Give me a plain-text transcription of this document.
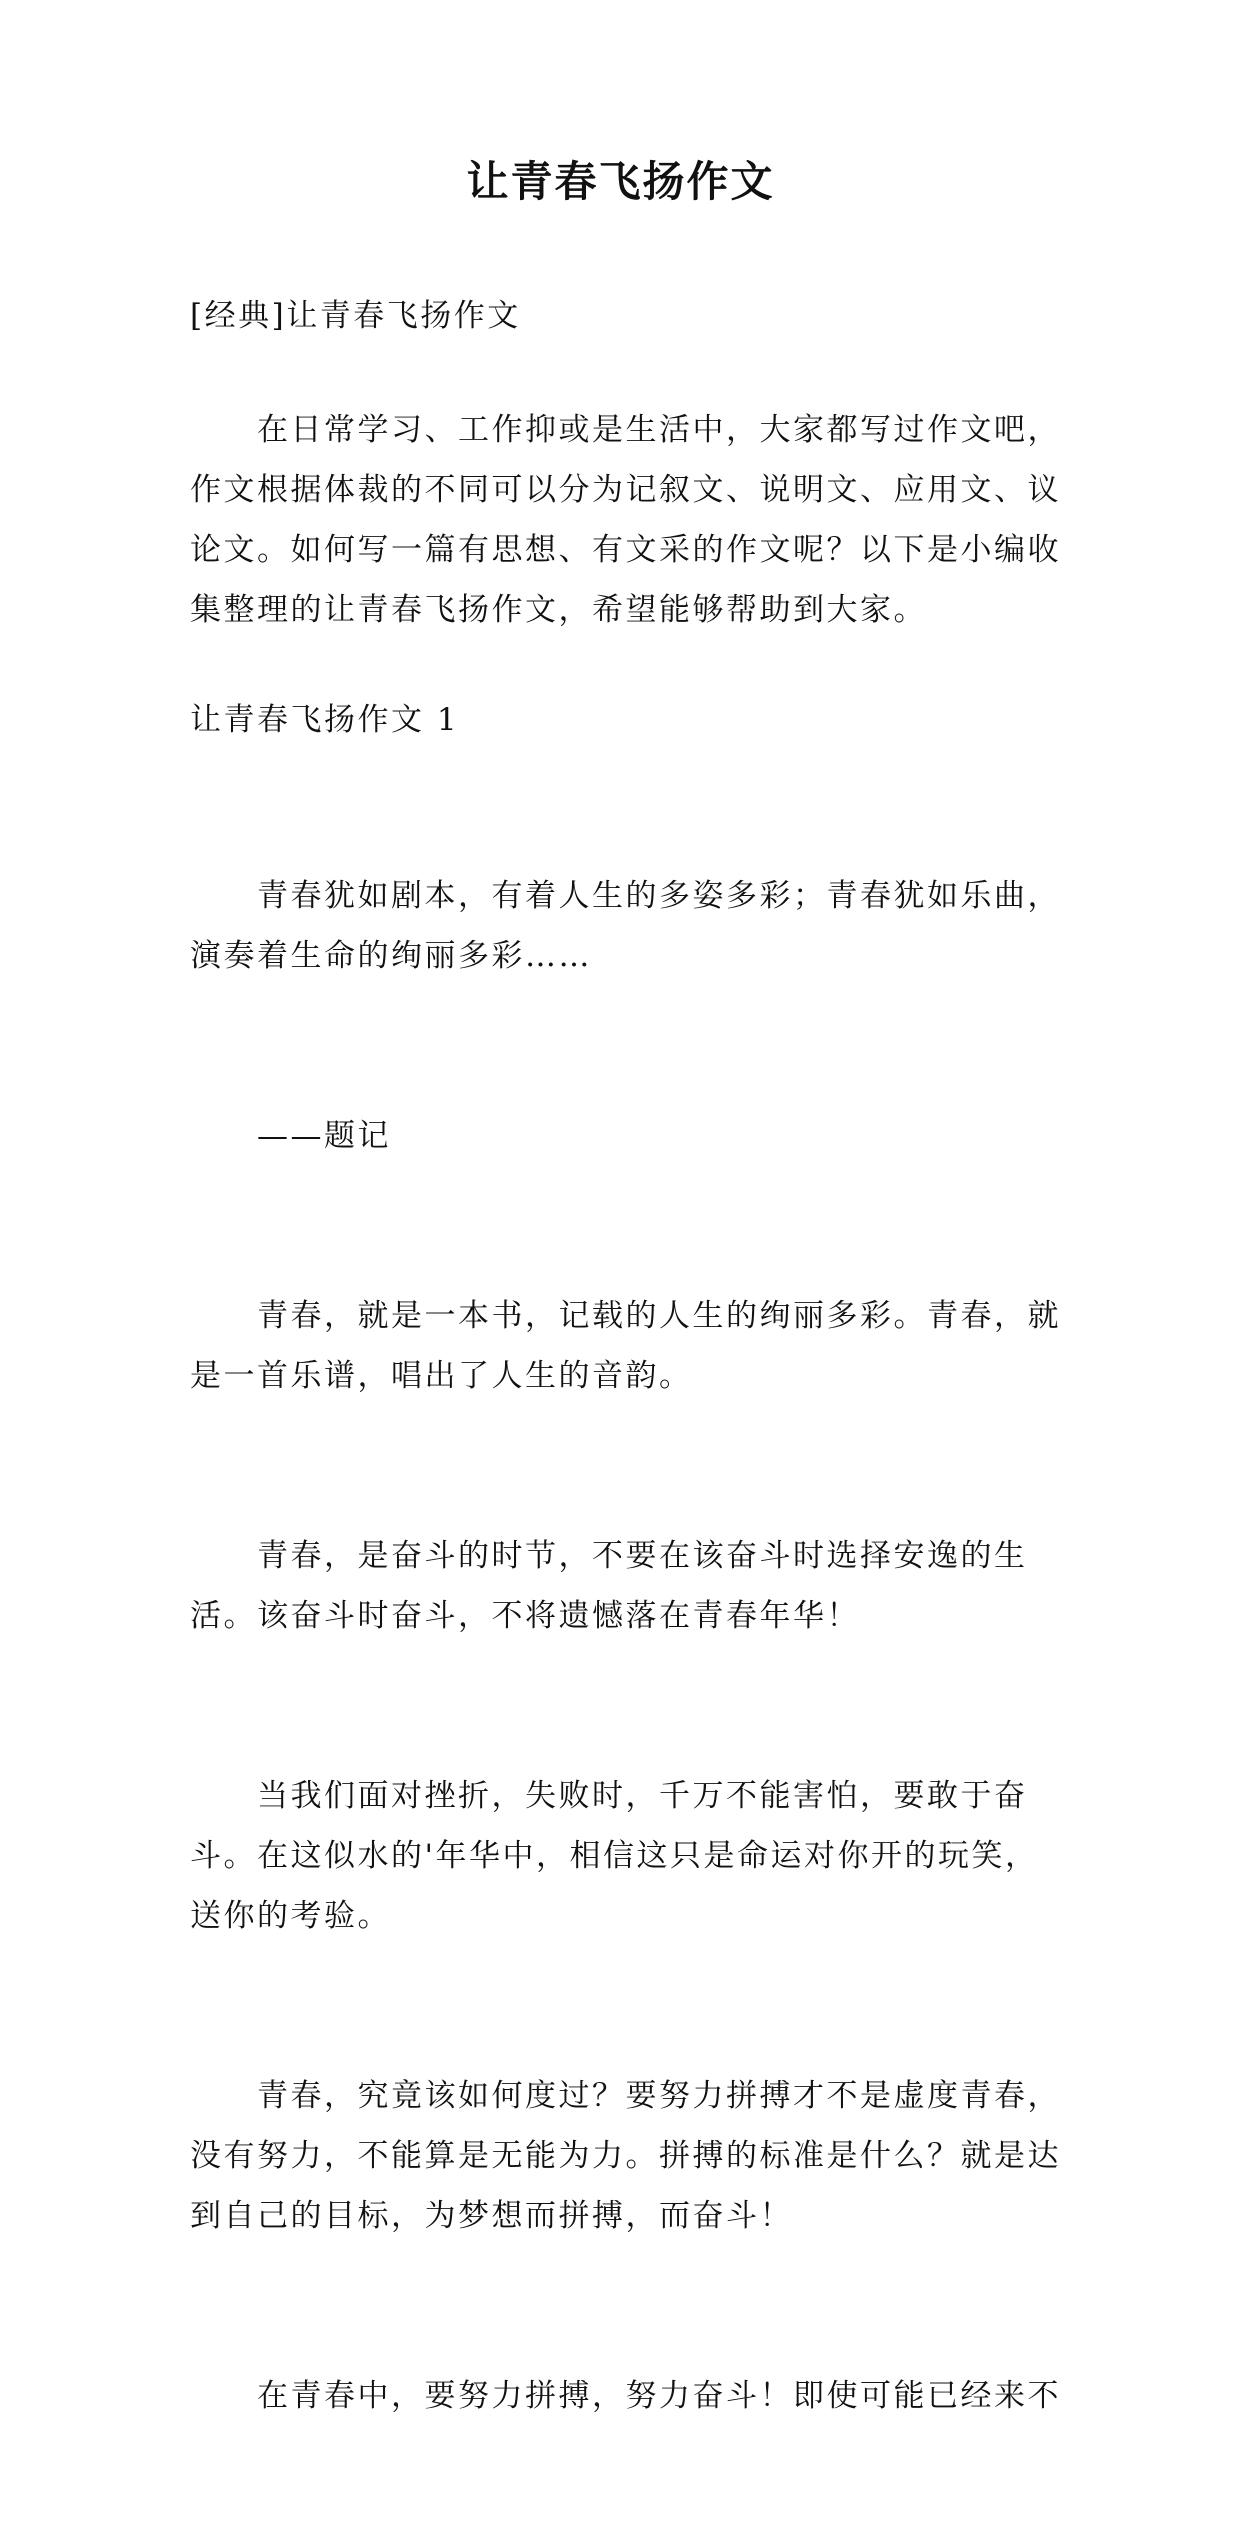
让青春飞扬作文

[经典]让青春飞扬作文

　　在日常学习、工作抑或是生活中，大家都写过作文吧，作文根据体裁的不同可以分为记叙文、说明文、应用文、议论文。如何写一篇有思想、有文采的作文呢？以下是小编收集整理的让青春飞扬作文，希望能够帮助到大家。

让青春飞扬作文 1

　　青春犹如剧本，有着人生的多姿多彩；青春犹如乐曲，演奏着生命的绚丽多彩……

　　——题记

　　青春，就是一本书，记载的人生的绚丽多彩。青春，就是一首乐谱，唱出了人生的音韵。

　　青春，是奋斗的时节，不要在该奋斗时选择安逸的生活。该奋斗时奋斗，不将遗憾落在青春年华！

　　当我们面对挫折，失败时，千万不能害怕，要敢于奋斗。在这似水的'年华中，相信这只是命运对你开的玩笑，送你的考验。

　　青春，究竟该如何度过？要努力拼搏才不是虚度青春，没有努力，不能算是无能为力。拼搏的标准是什么？就是达到自己的目标，为梦想而拼搏，而奋斗！

　　在青春中，要努力拼搏，努力奋斗！即使可能已经来不
